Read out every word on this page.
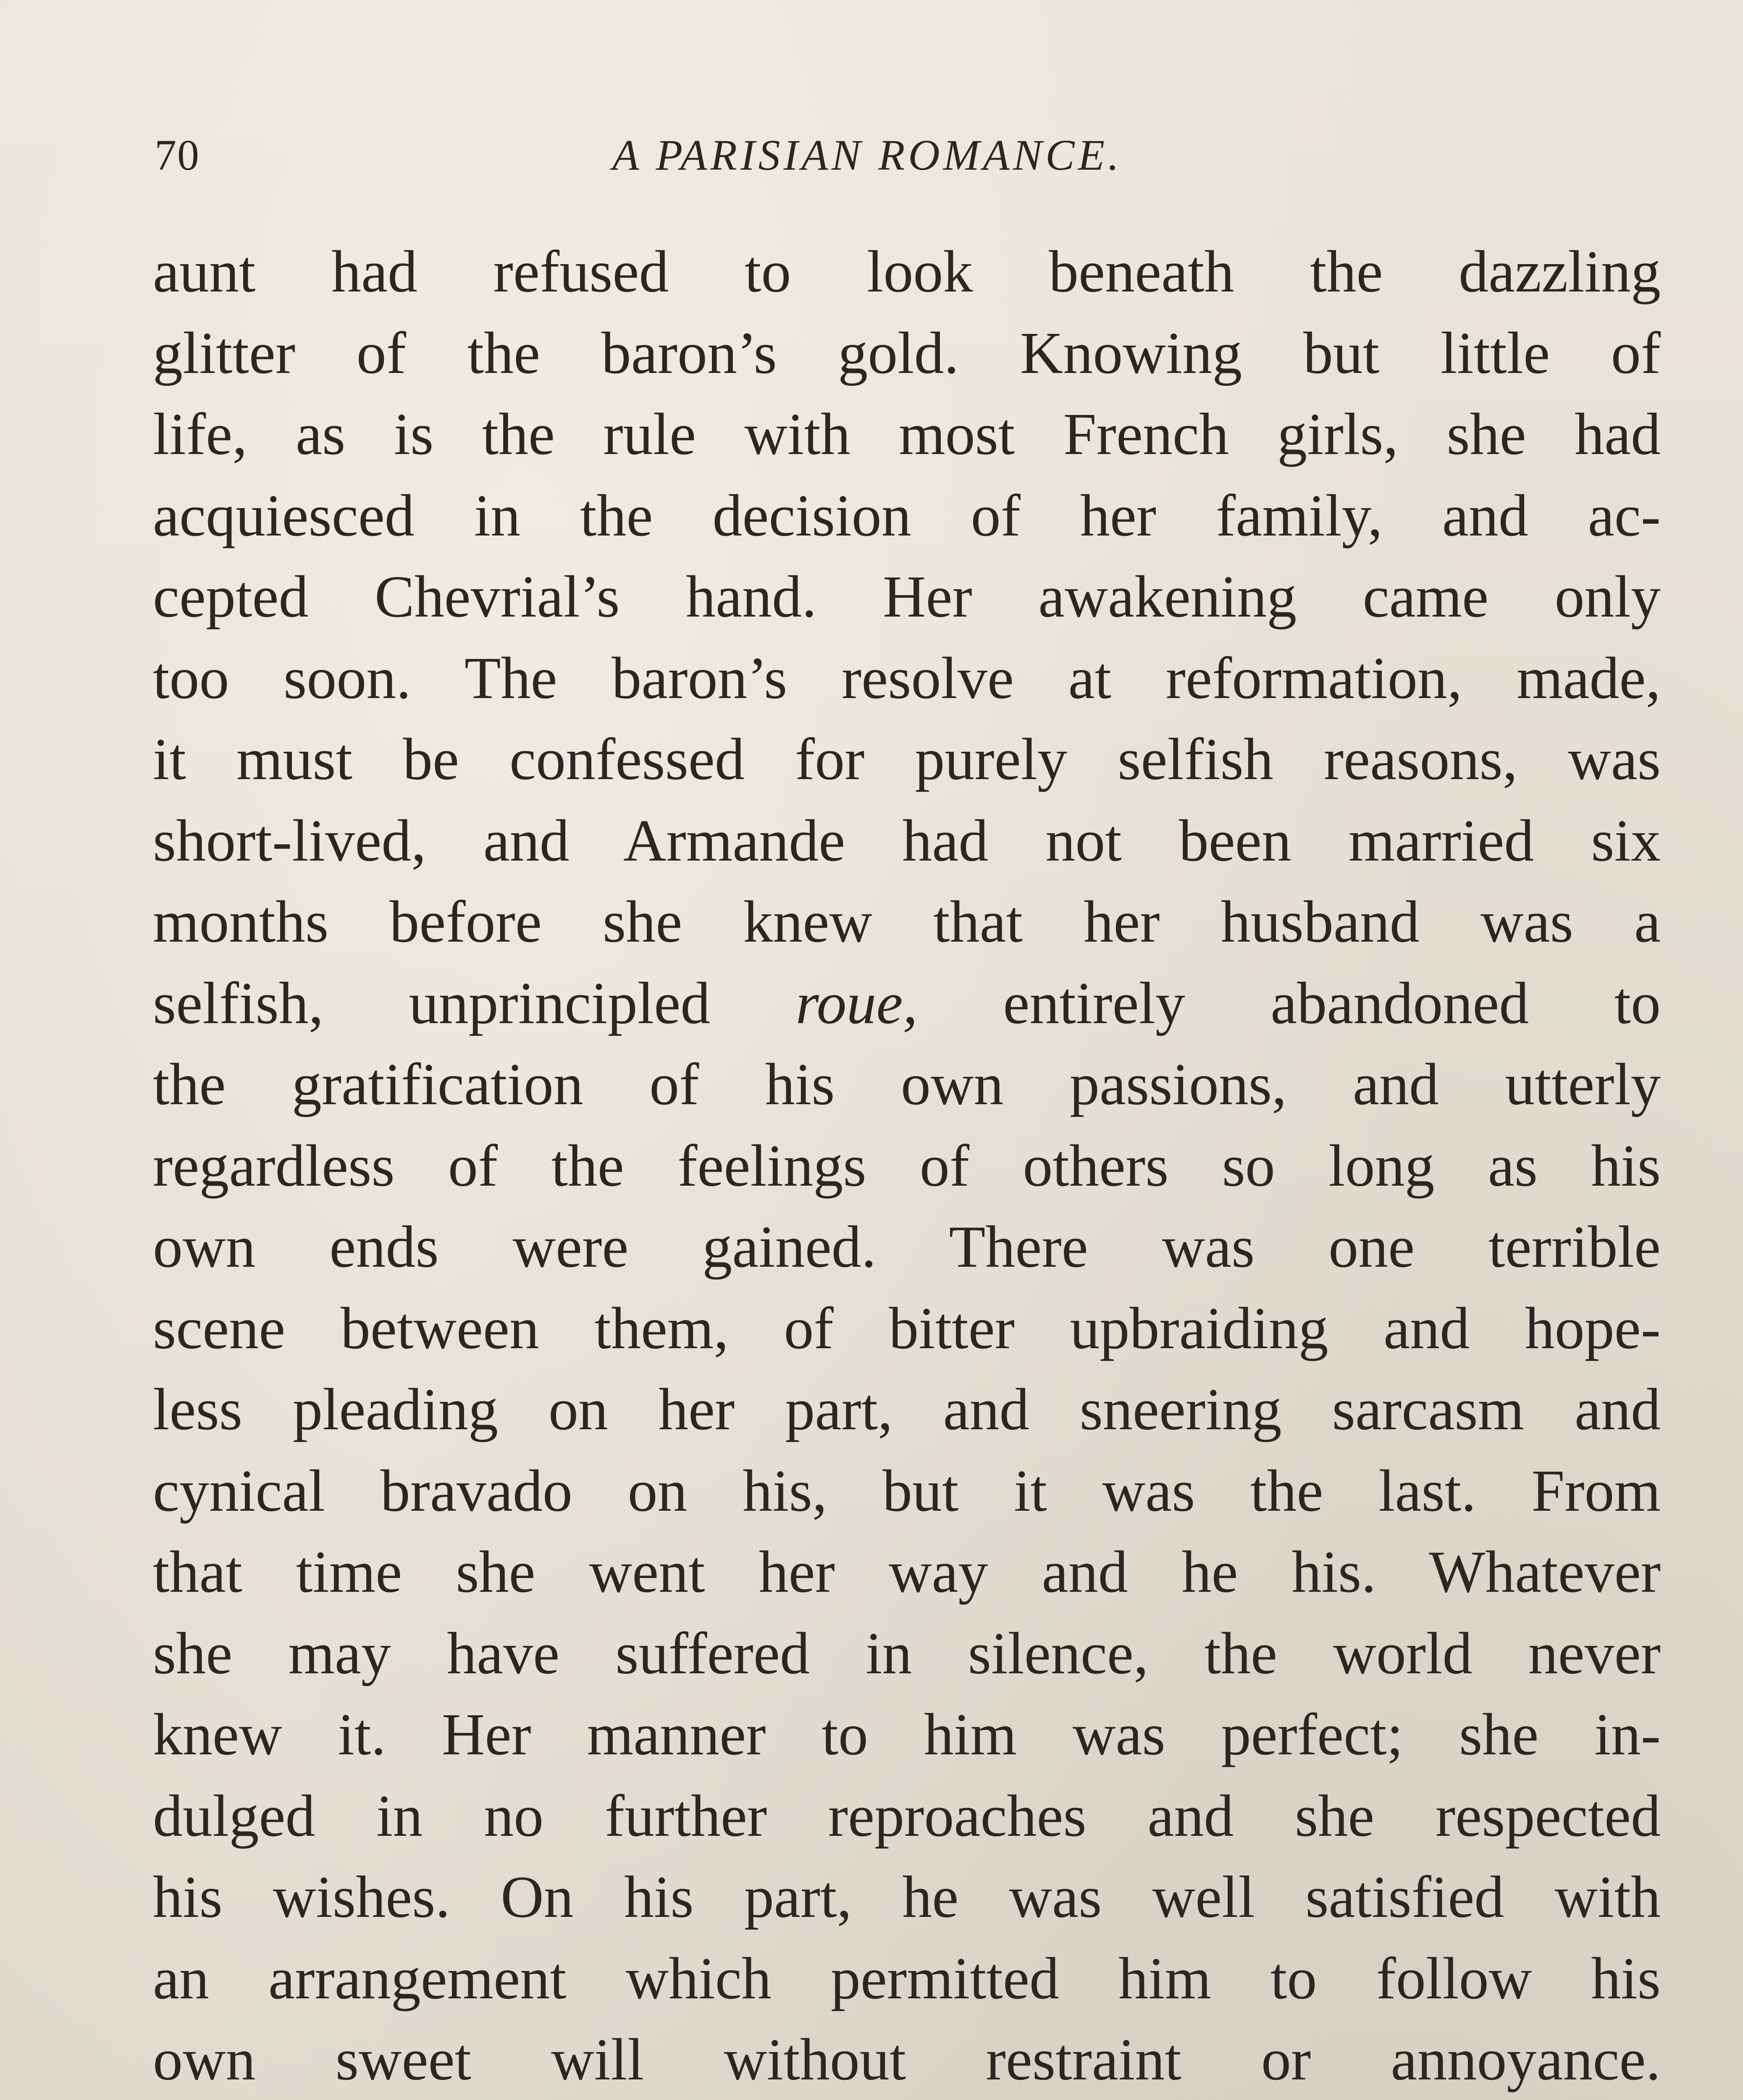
70	A PARISIAN ROMANCE.
aunt had refused to look beneath the dazzling
glitter of the baron’s gold. Knowing but little of
life, as is the rule with most French girls, she had
acquiesced in the decision of her family, and ac-
cepted Chevrial’s hand. Her awakening came only
too soon. The baron’s resolve at reformation, made,
it must be confessed for purely selfish reasons, was
short-lived, and Armande had not been married six
months before she knew that her husband was a
selfish, unprincipled roue, entirely abandoned to
the gratification of his own passions, and utterly
regardless of the feelings of others so long as his
own ends were gained. There was one terrible
scene between them, of bitter upbraiding and hope-
less pleading on her part, and sneering sarcasm and
cynical bravado on his, but it was the last. From
that time she went her way and he his. Whatever
she may have suffered in silence, the world never
knew it. Her manner to him was perfect; she in-
dulged in no further reproaches and she respected
his wishes. On his part, he was well satisfied with
an arrangement which permitted him to follow his
own sweet will without restraint or annoyance.
